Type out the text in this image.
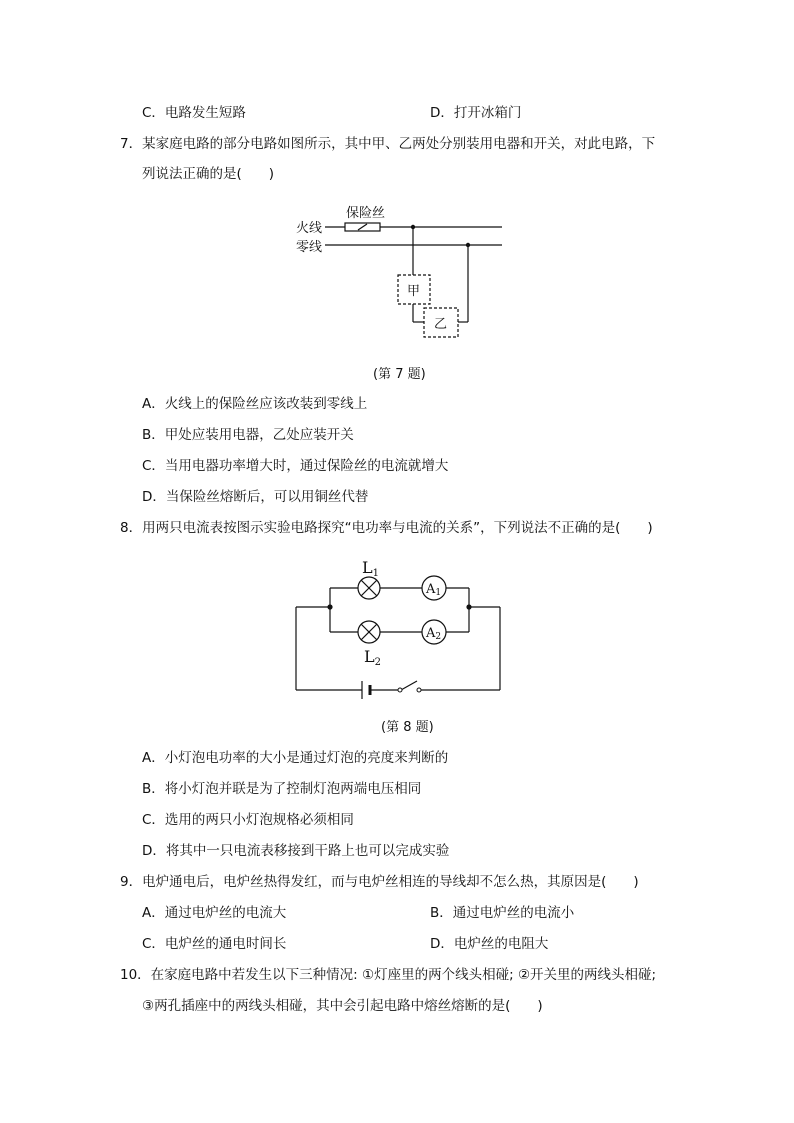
C．电路发生短路	D．打开冰箱门
7．某家庭电路的部分电路如图所示，其中甲、乙两处分别装用电器和开关，对此电路，下
列说法正确的是(　　)
保险丝
火线
零线
甲
乙
(第 7 题)
A．火线上的保险丝应该改装到零线上
B．甲处应装用电器，乙处应装开关
C．当用电器功率增大时，通过保险丝的电流就增大
D．当保险丝熔断后，可以用铜丝代替
8．用两只电流表按图示实验电路探究“电功率与电流的关系”，下列说法不正确的是(　　)
L1
L2
A1
A2
(第 8 题)
A．小灯泡电功率的大小是通过灯泡的亮度来判断的
B．将小灯泡并联是为了控制灯泡两端电压相同
C．选用的两只小灯泡规格必须相同
D．将其中一只电流表移接到干路上也可以完成实验
9．电炉通电后，电炉丝热得发红，而与电炉丝相连的导线却不怎么热，其原因是(　　)
A．通过电炉丝的电流大	B．通过电炉丝的电流小
C．电炉丝的通电时间长	D．电炉丝的电阻大
10．在家庭电路中若发生以下三种情况: ①灯座里的两个线头相碰; ②开关里的两线头相碰;
③两孔插座中的两线头相碰，其中会引起电路中熔丝熔断的是(　　)
